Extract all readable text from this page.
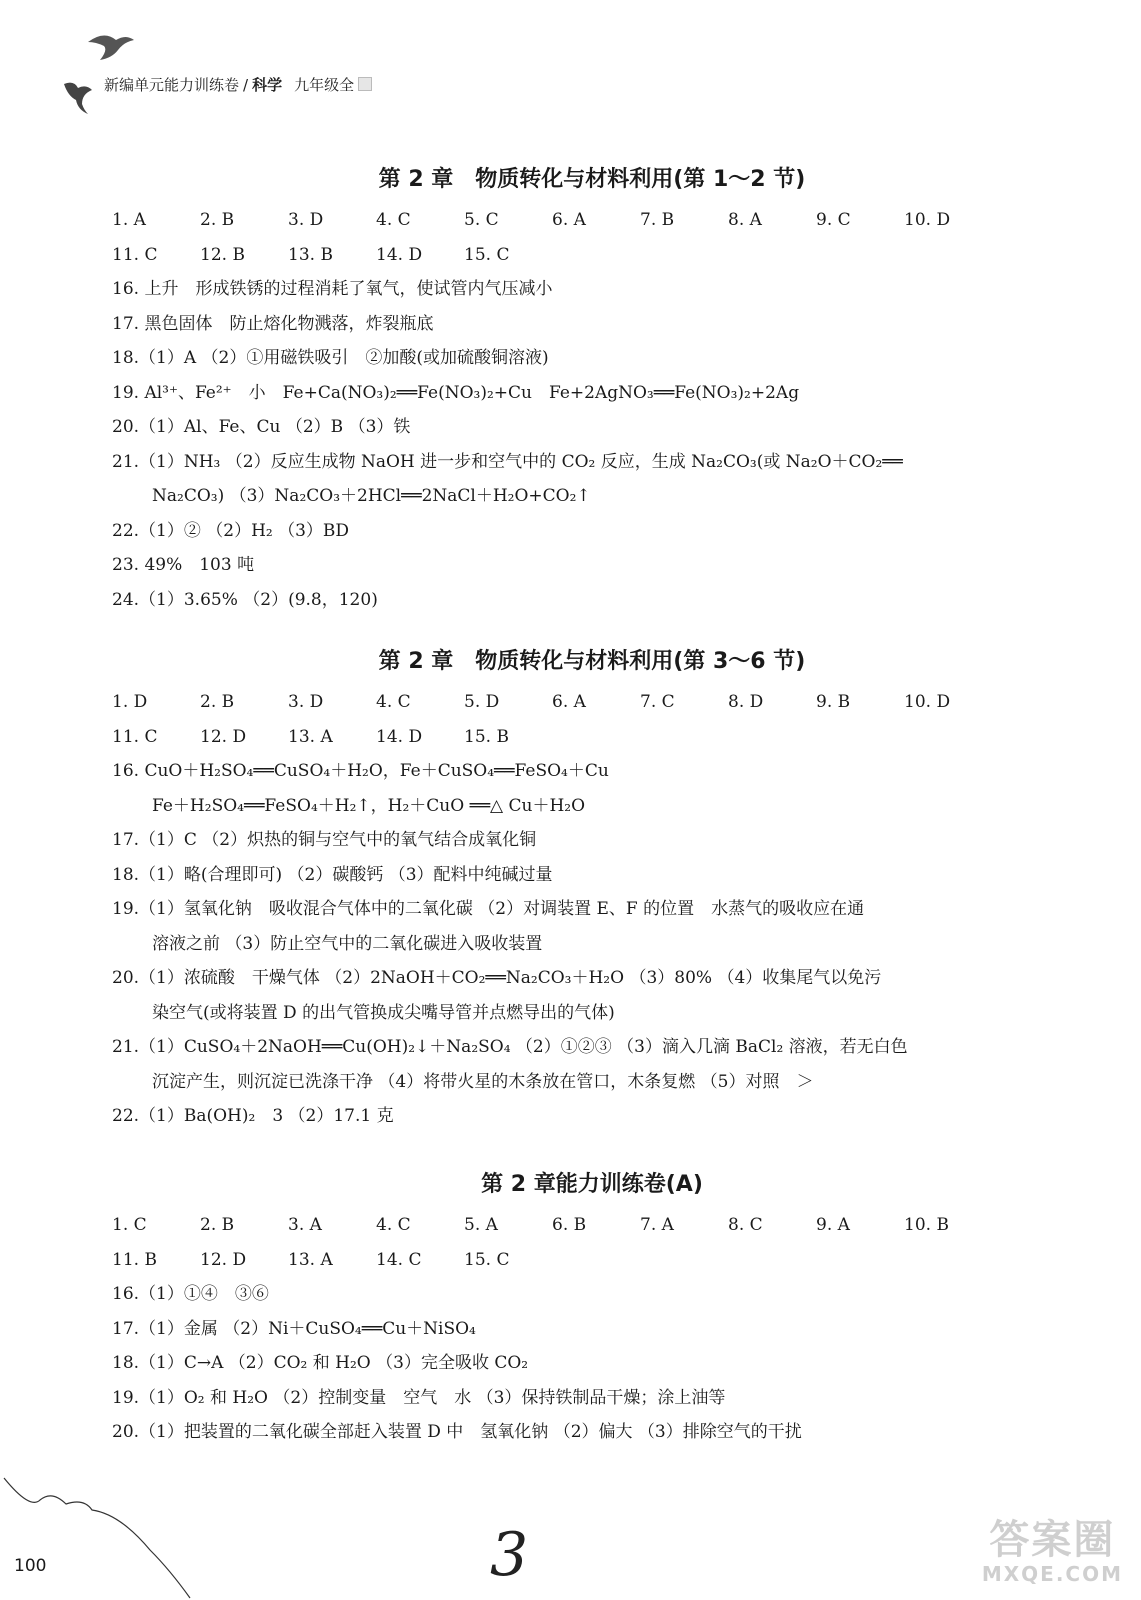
新编单元能力训练卷 / 科学 九年级全
第 2 章　物质转化与材料利用(第 1～2 节)
1. A	2. B	3. D	4. C	5. C	6. A	7. B	8. A	9. C	10. D
11. C	12. B	13. B	14. D 15. C
16. 上升　形成铁锈的过程消耗了氧气，使试管内气压减小
17. 黑色固体　防止熔化物溅落，炸裂瓶底
18.（1）A （2）①用磁铁吸引　②加酸(或加硫酸铜溶液)
19. Al³⁺、Fe²⁺　小　Fe+Ca(NO₃)₂══Fe(NO₃)₂+Cu　Fe+2AgNO₃══Fe(NO₃)₂+2Ag
20.（1）Al、Fe、Cu （2）B （3）铁
21.（1）NH₃ （2）反应生成物 NaOH 进一步和空气中的 CO₂ 反应，生成 Na₂CO₃(或 Na₂O＋CO₂══
Na₂CO₃) （3）Na₂CO₃＋2HCl══2NaCl＋H₂O+CO₂↑
22.（1）② （2）H₂ （3）BD
23. 49%　103 吨
24.（1）3.65% （2）(9.8，120)
第 2 章　物质转化与材料利用(第 3～6 节)
1. D	2. B	3. D	4. C	5. D	6. A	7. C	8. D	9. B	10. D
11. C	12. D 13. A	14. D 15. B
16. CuO＋H₂SO₄══CuSO₄＋H₂O，Fe＋CuSO₄══FeSO₄＋Cu
Fe＋H₂SO₄══FeSO₄＋H₂↑，H₂＋CuO ══△ Cu＋H₂O
17.（1）C （2）炽热的铜与空气中的氧气结合成氧化铜
18.（1）略(合理即可) （2）碳酸钙 （3）配料中纯碱过量
19.（1）氢氧化钠　吸收混合气体中的二氧化碳 （2）对调装置 E、F 的位置　水蒸气的吸收应在通
溶液之前 （3）防止空气中的二氧化碳进入吸收装置
20.（1）浓硫酸　干燥气体 （2）2NaOH＋CO₂══Na₂CO₃＋H₂O （3）80% （4）收集尾气以免污
染空气(或将装置 D 的出气管换成尖嘴导管并点燃导出的气体)
21.（1）CuSO₄＋2NaOH══Cu(OH)₂↓＋Na₂SO₄ （2）①②③ （3）滴入几滴 BaCl₂ 溶液，若无白色
沉淀产生，则沉淀已洗涤干净 （4）将带火星的木条放在管口，木条复燃 （5）对照　＞
22.（1）Ba(OH)₂　3 （2）17.1 克
第 2 章能力训练卷(A)
1. C	2. B	3. A	4. C	5. A	6. B	7. A	8. C	9. A	10. B
11. B	12. D 13. A	14. C	15. C
16.（1）①④　③⑥
17.（1）金属 （2）Ni＋CuSO₄══Cu＋NiSO₄
18.（1）C→A （2）CO₂ 和 H₂O （3）完全吸收 CO₂
19.（1）O₂ 和 H₂O （2）控制变量　空气　水 （3）保持铁制品干燥；涂上油等
20.（1）把装置的二氧化碳全部赶入装置 D 中　氢氧化钠 （2）偏大 （3）排除空气的干扰
100	3	答案圈
MXQE.COM
